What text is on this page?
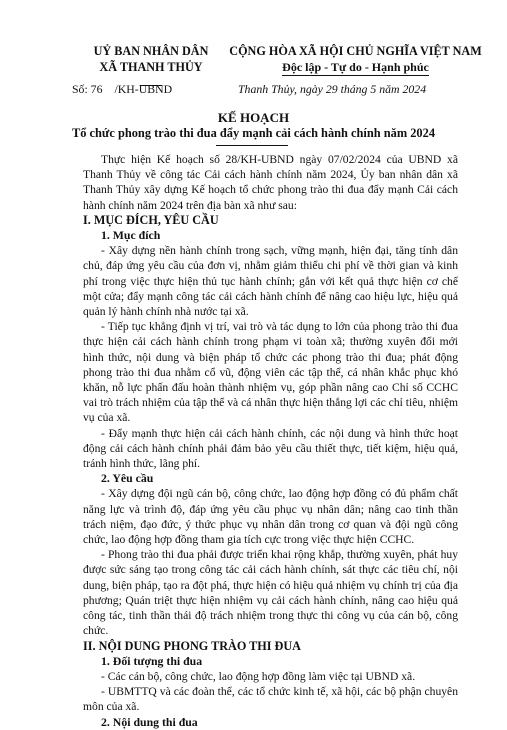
UỶ BAN NHÂN DÂN
XÃ THANH THỦY
CỘNG HÒA XÃ HỘI CHỦ NGHĨA VIỆT NAM
Độc lập - Tự do - Hạnh phúc
Số: 76 /KH-UBND	Thanh Thủy, ngày 29 tháng 5 năm 2024
KẾ HOẠCH
Tổ chức phong trào thi đua đẩy mạnh cải cách hành chính năm 2024

Thực hiện Kế hoạch số 28/KH-UBND ngày 07/02/2024 của UBND xã Thanh Thủy về công tác Cải cách hành chính năm 2024, Ủy ban nhân dân xã Thanh Thủy xây dựng Kế hoạch tổ chức phong trào thi đua đẩy mạnh Cải cách hành chính năm 2024 trên địa bàn xã như sau:

I. MỤC ĐÍCH, YÊU CẦU

1. Mục đích

- Xây dựng nền hành chính trong sạch, vững mạnh, hiện đại, tăng tính dân chủ, đáp ứng yêu cầu của đơn vị, nhằm giảm thiểu chi phí về thời gian và kinh phí trong việc thực hiện thủ tục hành chính; gắn với kết quả thực hiện cơ chế một cửa; đẩy mạnh công tác cải cách hành chính để nâng cao hiệu lực, hiệu quả quản lý hành chính nhà nước tại xã.

- Tiếp tục khẳng định vị trí, vai trò và tác dụng to lớn của phong trào thi đua thực hiện cải cách hành chính trong phạm vi toàn xã; thường xuyên đổi mới hình thức, nội dung và biện pháp tổ chức các phong trào thi đua; phát động phong trào thi đua nhằm cổ vũ, động viên các tập thể, cá nhân khắc phục khó khăn, nỗ lực phấn đấu hoàn thành nhiệm vụ, góp phần nâng cao Chỉ số CCHC vai trò trách nhiệm của tập thể và cá nhân thực hiện thắng lợi các chỉ tiêu, nhiệm vụ của xã.

- Đẩy mạnh thực hiện cải cách hành chính, các nội dung và hình thức hoạt động cải cách hành chính phải đảm bảo yêu cầu thiết thực, tiết kiệm, hiệu quả, tránh hình thức, lãng phí.

2. Yêu cầu

- Xây dựng đội ngũ cán bộ, công chức, lao động hợp đồng có đủ phẩm chất năng lực và trình độ, đáp ứng yêu cầu phục vụ nhân dân; nâng cao tinh thần trách niệm, đạo đức, ý thức phục vụ nhân dân trong cơ quan và đội ngũ công chức, lao động hợp đồng tham gia tích cực trong việc thực hiện CCHC.

- Phong trào thi đua phải được triển khai rộng khắp, thường xuyên, phát huy được sức sáng tạo trong công tác cải cách hành chính, sát thực các tiêu chí, nội dung, biện pháp, tạo ra đột phá, thực hiện có hiệu quả nhiệm vụ chính trị của địa phương; Quán triệt thực hiện nhiệm vụ cải cách hành chính, nâng cao hiệu quả công tác, tinh thần thái độ trách nhiệm trong thực thi công vụ của cán bộ, công chức.

II. NỘI DUNG PHONG TRÀO THI ĐUA

1. Đối tượng thi đua

- Các cán bộ, công chức, lao động hợp đồng làm việc tại UBND xã.

- UBMTTQ và các đoàn thể, các tổ chức kinh tế, xã hội, các bộ phận chuyên môn của xã.

2. Nội dung thi đua
